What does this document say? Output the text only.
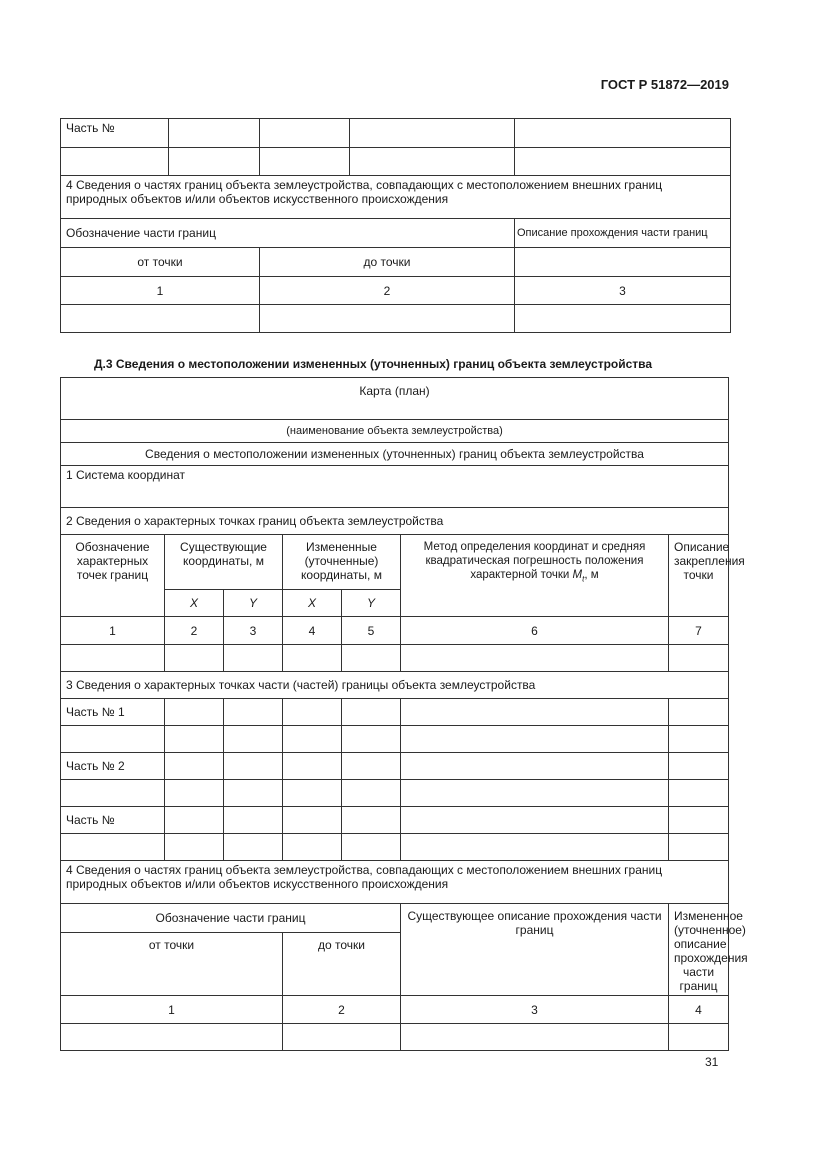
ГОСТ Р 51872—2019
Часть №				

4 Сведения о частях границ объекта землеустройства, совпадающих с местоположением внешних границ природных объектов и/или объектов искусственного происхождения				
Обозначение части границ				Описание прохождения части границ
от точки		до точки		
1		2		3

Д.3 Сведения о местоположении измененных (уточненных) границ объекта землеустройства
Карта (план)						
(наименование объекта землеустройства)						
Сведения о местоположении измененных (уточненных) границ объекта землеустройства						
1 Система координат						
2 Сведения о характерных точках границ объекта землеустройства						
Обозначение характерных точек границ	Существующие координаты, м		Измененные (уточненные) координаты, м		Метод определения координат и средняя квадратическая погрешность положения характерной точки $M_t$, м	Описание закрепления точки
	X	Y	X	Y		
1	2	3	4	5	6	7

3 Сведения о характерных точках части (частей) границы объекта землеустройства						
Часть № 1						

Часть № 2						

Часть №						

4 Сведения о частях границ объекта землеустройства, совпадающих с местоположением внешних границ природных объектов и/или объектов искусственного происхождения						
Обозначение части границ					Существующее описание прохождения части границ	Измененное (уточненное) описание прохождения части границ
от точки			до точки			
1			2		3	4

31
